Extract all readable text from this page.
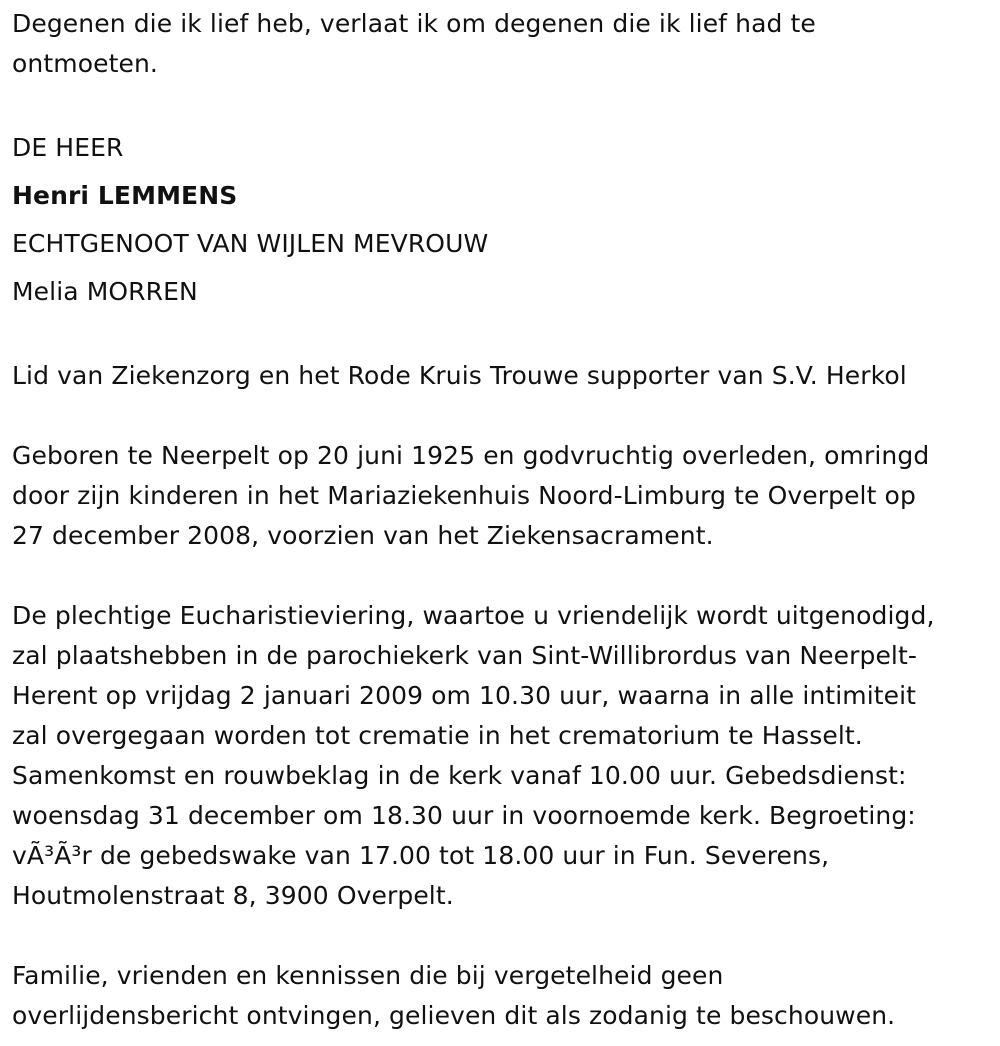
Degenen die ik lief heb, verlaat ik om degenen die ik lief had te
ontmoeten.
DE HEER
Henri LEMMENS
ECHTGENOOT VAN WIJLEN MEVROUW
Melia MORREN
Lid van Ziekenzorg en het Rode Kruis Trouwe supporter van S.V. Herkol
Geboren te Neerpelt op 20 juni 1925 en godvruchtig overleden, omringd
door zijn kinderen in het Mariaziekenhuis Noord-Limburg te Overpelt op
27 december 2008, voorzien van het Ziekensacrament.
De plechtige Eucharistieviering, waartoe u vriendelijk wordt uitgenodigd,
zal plaatshebben in de parochiekerk van Sint-Willibrordus van Neerpelt-
Herent op vrijdag 2 januari 2009 om 10.30 uur, waarna in alle intimiteit
zal overgegaan worden tot crematie in het crematorium te Hasselt.
Samenkomst en rouwbeklag in de kerk vanaf 10.00 uur. Gebedsdienst:
woensdag 31 december om 18.30 uur in voornoemde kerk. Begroeting:
vÃ³Ã³r de gebedswake van 17.00 tot 18.00 uur in Fun. Severens,
Houtmolenstraat 8, 3900 Overpelt.
Familie, vrienden en kennissen die bij vergetelheid geen
overlijdensbericht ontvingen, gelieven dit als zodanig te beschouwen.
